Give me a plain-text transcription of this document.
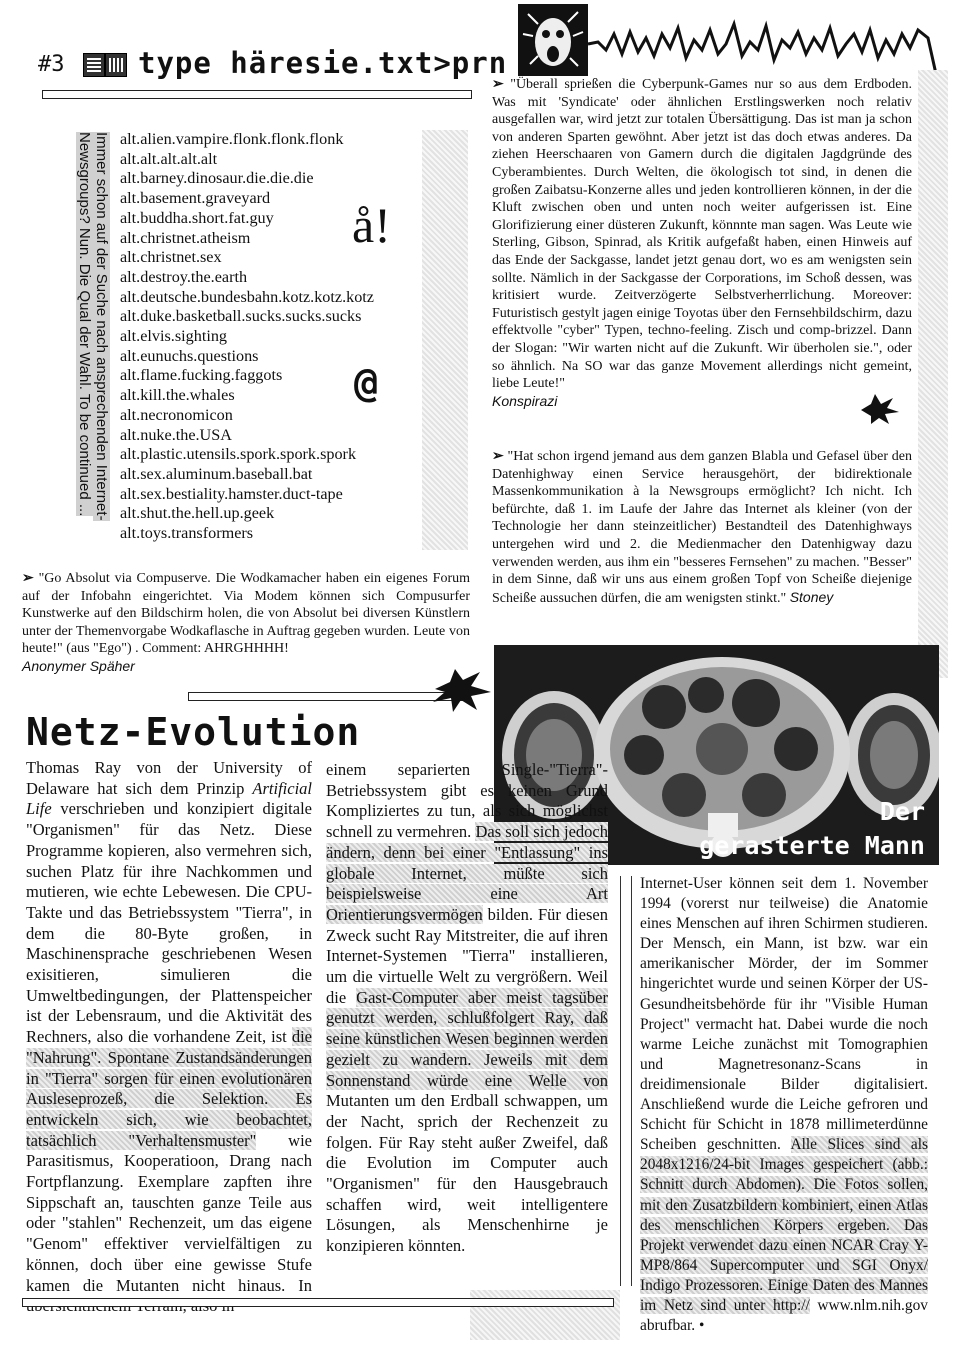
#3	type häresie.txt>prn
alt.alien.vampire.flonk.flonk.flonk
alt.alt.alt.alt.alt
alt.barney.dinosaur.die.die.die
alt.basement.graveyard
alt.buddha.short.fat.guy
alt.christnet.atheism
alt.christnet.sex
alt.destroy.the.earth
alt.deutsche.bundesbahn.kotz.kotz.kotz
alt.duke.basketball.sucks.sucks.sucks
alt.elvis.sighting
alt.eunuchs.questions
alt.flame.fucking.faggots
alt.kill.the.whales
alt.necronomicon
alt.nuke.the.USA
alt.plastic.utensils.spork.spork.spork
alt.sex.aluminum.baseball.bat
alt.sex.bestiality.hamster.duct-tape
alt.shut.the.hell.up.geek
alt.toys.transformers
å!
@
Immer schon auf der Suche nach ansprechenden Internet-Newsgroups? Nun. Die Qual der Wahl. To be continued ...
➢ "Go Absolut via Compuserve. Die Wodkamacher haben ein eigenes Forum auf der Infobahn eingerichtet. Via Modem können sich Compusurfer Kunstwerke auf den Bildschirm holen, die von Absolut bei diversen Künstlern unter der Themenvorgabe Wodkaflasche in Auftrag gegeben wurden. Leute von heute!" (aus "Ego") . Comment: AHRGHHHH!
Anonymer Späher
➢ "Überall sprießen die Cyberpunk-Games nur so aus dem Erdboden. Was mit 'Syndicate' oder ähnlichen Erstlingswerken noch relativ ausgefallen war, wird jetzt zur totalen Übersättigung. Das ist man ja schon von anderen Sparten gewöhnt. Aber jetzt ist das doch etwas anderes. Da ziehen Heerschaaren von Gamern durch die digitalen Jagdgründe des Cyberambientes. Durch Welten, die ökologisch tot sind, in denen die großen Zaibatsu-Konzerne alles und jeden kontrollieren können, in der die Kluft zwischen oben und unten noch weiter aufgerissen ist. Eine Glorifizierung einer düsteren Zukunft, könnnte man sagen. Was Leute wie Sterling, Gibson, Spinrad, als Kritik aufgefaßt haben, einen Hinweis auf das Ende der Sackgasse, landet jetzt genau dort, wo es am wenigsten sein sollte. Nämlich in der Sackgasse der Corporations, im Schoß dessen, was kritisiert wurde. Zeitverzögerte Selbstverherrlichung. Moreover: Futuristisch gestylt jagen einige Toyotas über den Fernsehbildschirm, dazu effektvolle "cyber" Typen, techno-feeling. Zisch und comp-brizzel. Dann der Slogan: "Wir warten nicht auf die Zukunft. Wir überholen sie.", oder so ähnlich. Na SO war das ganze Movement allerdings nicht gemeint, liebe Leute!"
Konspirazi
➢ "Hat schon irgend jemand aus dem ganzen Blabla und Gefasel über den Datenhighway einen Service herausgehört, der bidirektionale Massenkommunikation à la Newsgroups ermöglicht? Ich nicht. Ich befürchte, daß 1. im Laufe der Jahre das Internet als kleiner (von der Technologie her dann steinzeitlicher) Bestandteil des Datenhighways untergehen wird und 2. die Medienmacher den Datenhigway dazu verwenden werden, aus ihm ein "besseres Fernsehen" zu machen. "Besser" in dem Sinne, daß wir uns aus einem großen Topf von Scheiße diejenige Scheiße aussuchen dürfen, die am wenigsten stinkt." Stoney
Der
gerasterte Mann
Netz-Evolution
Thomas Ray von der University of Delaware hat sich dem Prinzip Artificial Life verschrieben und konzipiert digitale "Organismen" für das Netz. Diese Programme kopieren, also vermehren sich, suchen Platz für ihre Nachkommen und mutieren, wie echte Lebewesen. Die CPU-Takte und das Betriebssystem "Tierra", in dem die 80-Byte großen, in Maschinensprache geschriebenen Wesen exisitieren, simulieren die Umweltbedingungen, der Plattenspeicher ist der Lebensraum, und die Aktivität des Rechners, also die vorhandene Zeit, ist die "Nahrung". Spontane Zustandsänderungen in "Tierra" sorgen für einen evolutionären Ausleseprozeß, die Selektion. Es entwickeln sich, wie beobachtet, tatsächlich "Verhaltensmuster" wie Parasitismus, Kooperatioon, Drang nach Fortpflanzung. Exemplare zapften ihre Sippschaft an, tauschten ganze Teile aus oder "stahlen" Rechenzeit, um das eigene "Genom" effektiver vervielfältigen zu können, doch über eine gewisse Stufe kamen die Mutanten nicht hinaus. In
einem separierten Single-"Tierra"-Betriebssystem gibt es keinen Grund Kompliziertes zu tun, als sich möglichst schnell zu vermehren. Das soll sich jedoch ändern, denn bei einer "Entlassung" ins globale Internet, müßte sich beispielsweise eine Art Orientierungsvermögen bilden. Für diesen Zweck sucht Ray Mitstreiter, die auf ihren Internet-Systemen "Tierra" installieren, um die virtuelle Welt zu vergrößern. Weil die Gast-Computer aber meist tagsüber genutzt werden, schlußfolgert Ray, daß seine künstlichen Wesen beginnen werden gezielt zu wandern. Jeweils mit dem Sonnenstand würde eine Welle von Mutanten um den Erdball schwappen, um der Nacht, sprich der Rechenzeit zu folgen. Für Ray steht außer Zweifel, daß die Evolution im Computer auch "Organismen" für den Hausgebrauch schaffen wird, weit intelligentere Lösungen, als Menschenhirne je konzipieren könnten.
Internet-User können seit dem 1. November 1994 (vorerst nur teilweise) die Anatomie eines Menschen auf ihren Schirmen studieren. Der Mensch, ein Mann, ist bzw. war ein amerikanischer Mörder, der im Sommer hingerichtet wurde und seinen Körper der US-Gesundheitsbehörde für ihr "Visible Human Project" vermacht hat. Dabei wurde die noch warme Leiche zunächst mit Tomographien und Magnetresonanz-Scans in dreidimensionale Bilder digitalisiert. Anschließend wurde die Leiche gefroren und Schicht für Schicht in 1878 millimeterdünne Scheiben geschnitten. Alle Slices sind als 2048x1216/24-bit Images gespeichert (abb.: Schnitt durch Abdomen). Die Fotos sollen, mit den Zusatzbildern kombiniert, einen Atlas des menschlichen Körpers ergeben. Das Projekt verwendet dazu einen NCAR Cray Y-MP8/864 Supercomputer und SGI Onyx/ Indigo Prozessoren. Einige Daten des Mannes im Netz sind unter http:// www.nlm.nih.gov abrufbar. •
